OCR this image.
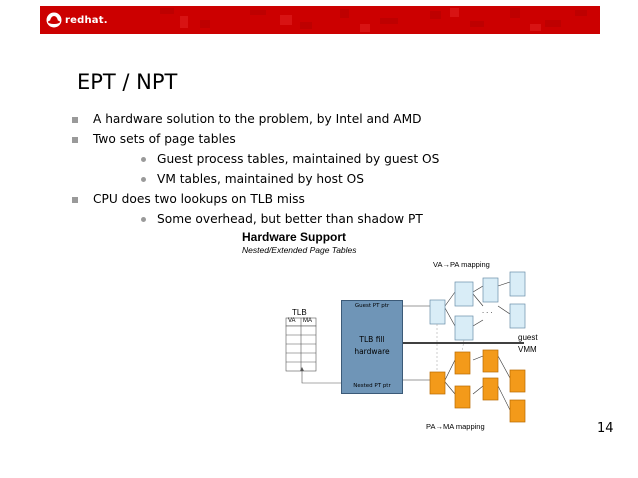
redhat.
EPT / NPT
A hardware solution to the problem, by Intel and AMD
Two sets of page tables
Guest process tables, maintained by guest OS
VM tables, maintained by host OS
CPU does two lookups on TLB miss
Some overhead, but better than shadow PT
Hardware Support
Nested/Extended Page Tables
VA→PA mapping
PA→MA mapping
TLB
VA MA
. . .
guest
VMM
Guest PT ptr
TLB fill
hardware
Nested PT ptr
14
